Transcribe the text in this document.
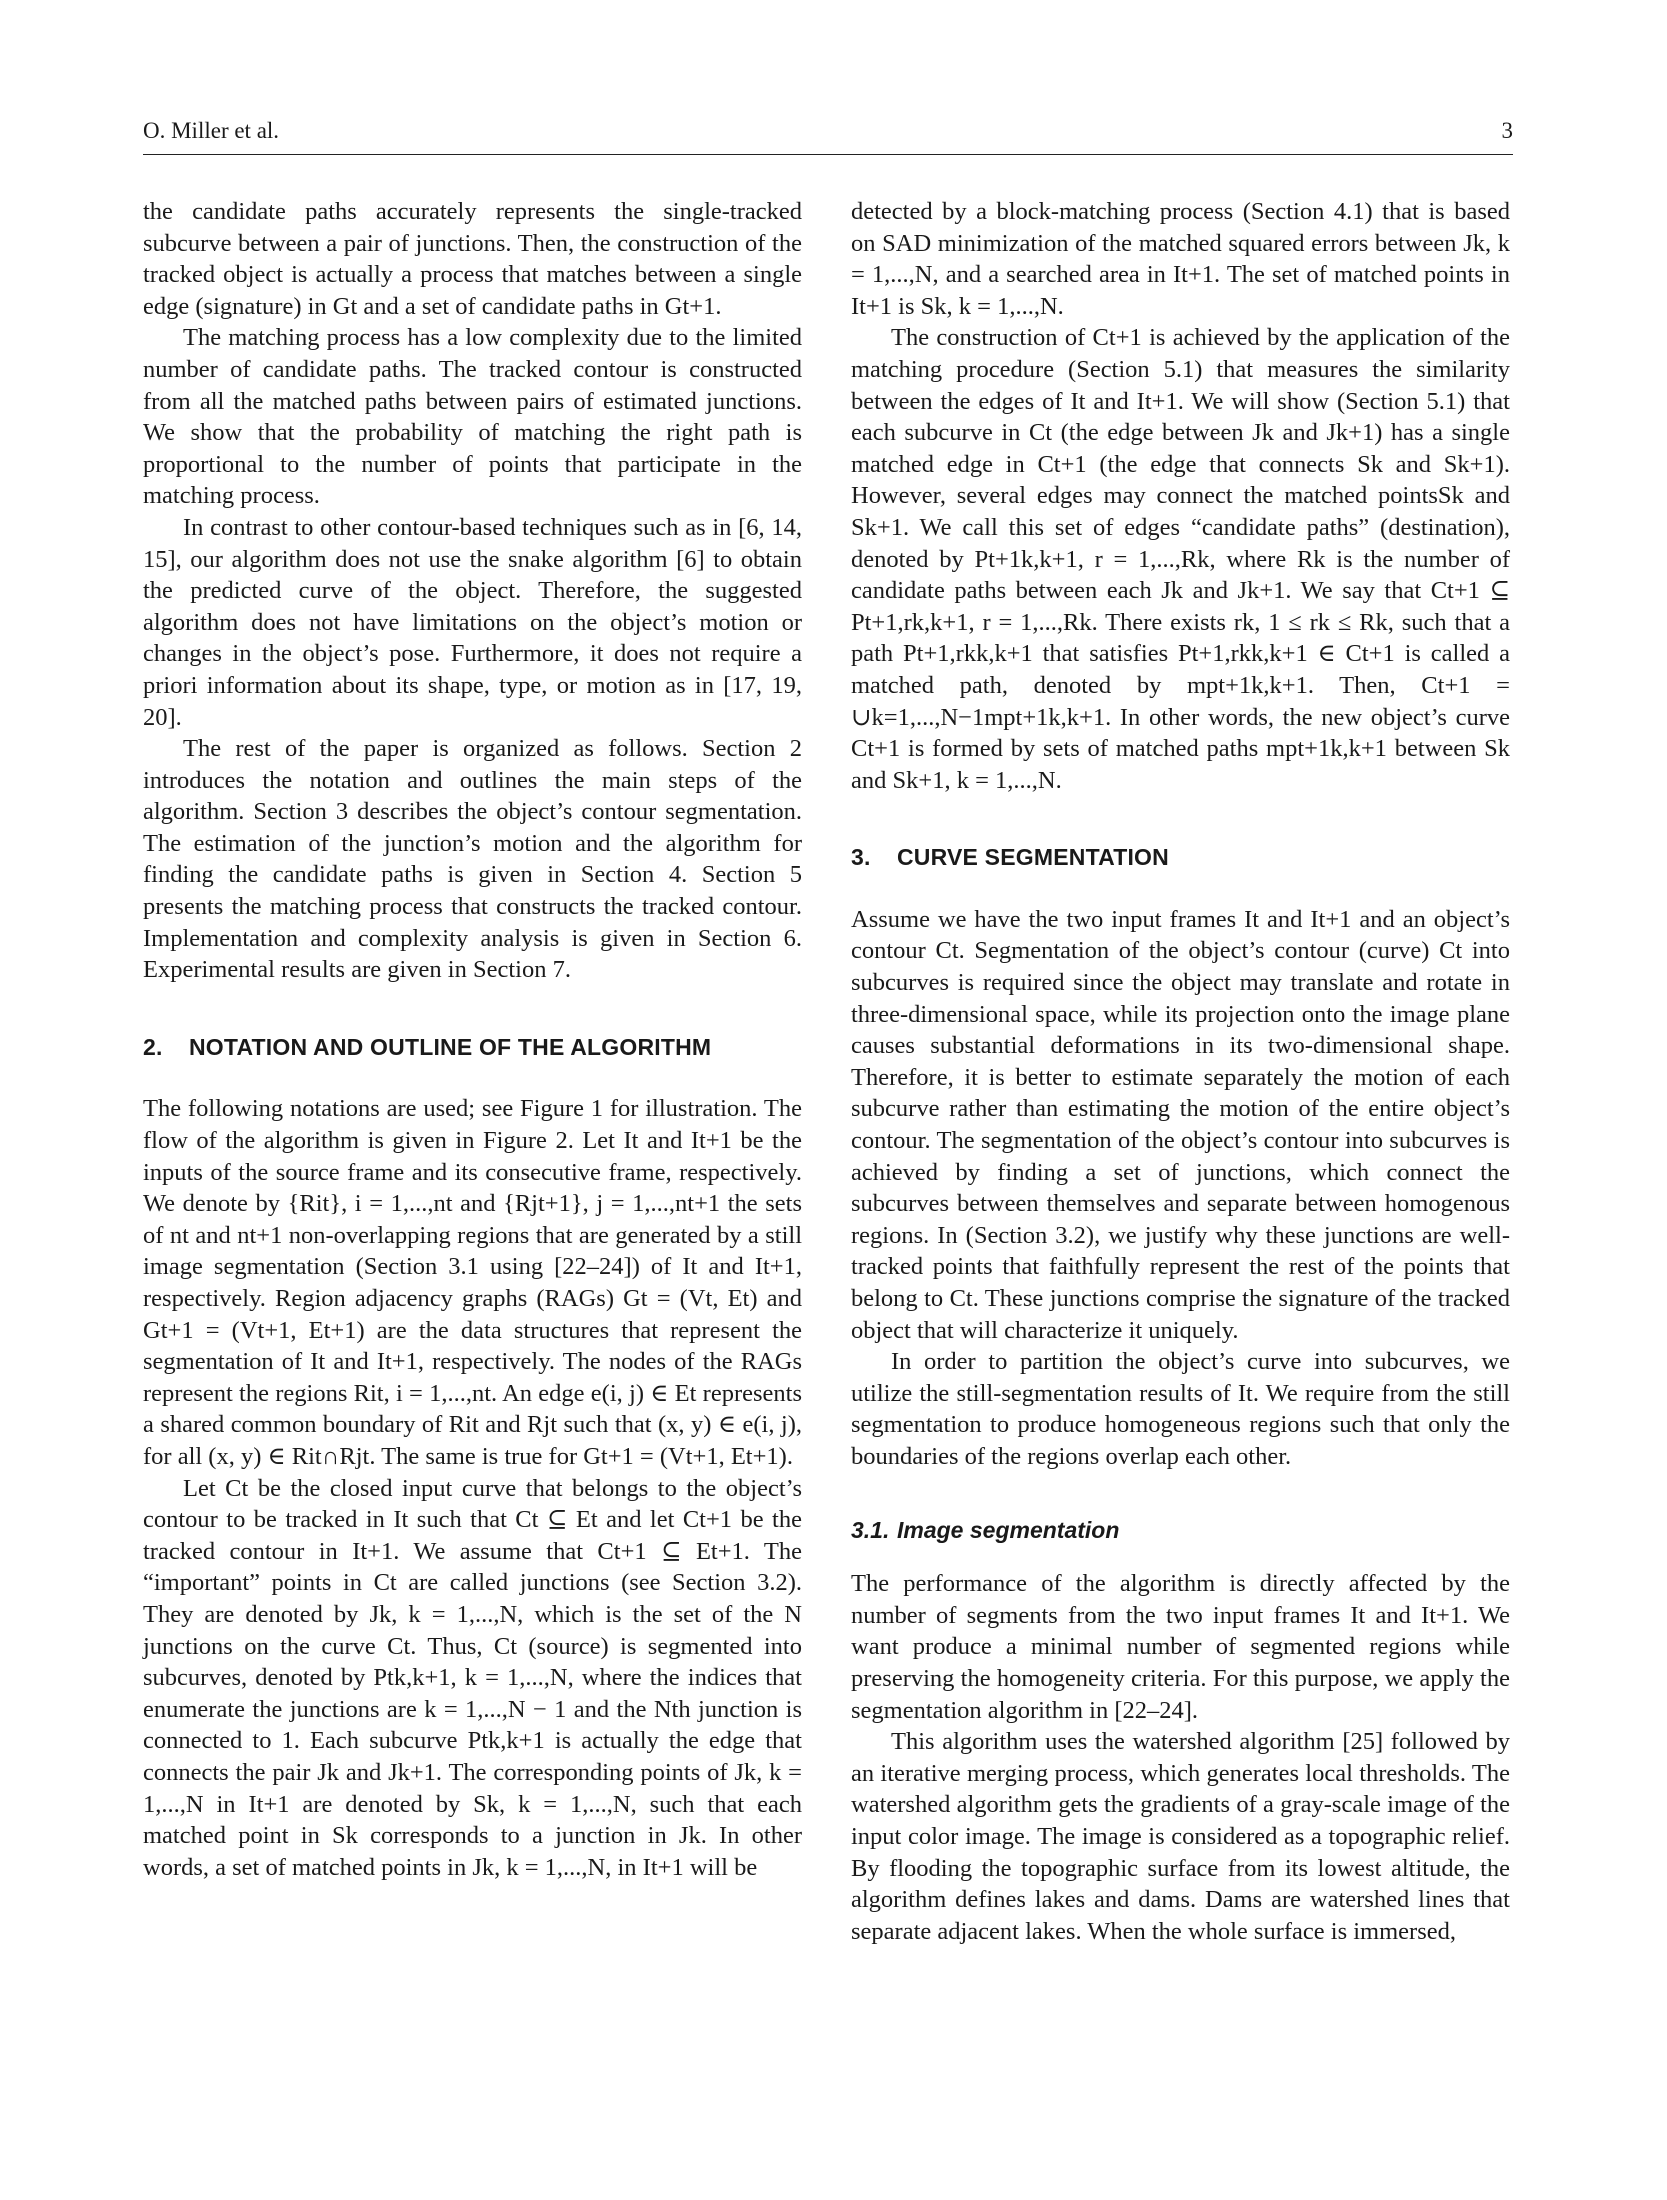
O. Miller et al.	3

the candidate paths accurately represents the single-tracked subcurve between a pair of junctions. Then, the construction of the tracked object is actually a process that matches between a single edge (signature) in Gt and a set of candidate paths in Gt+1.

The matching process has a low complexity due to the limited number of candidate paths. The tracked contour is constructed from all the matched paths between pairs of estimated junctions. We show that the probability of matching the right path is proportional to the number of points that participate in the matching process.

In contrast to other contour-based techniques such as in [6, 14, 15], our algorithm does not use the snake algorithm [6] to obtain the predicted curve of the object. Therefore, the suggested algorithm does not have limitations on the object’s motion or changes in the object’s pose. Furthermore, it does not require a priori information about its shape, type, or motion as in [17, 19, 20].

The rest of the paper is organized as follows. Section 2 introduces the notation and outlines the main steps of the algorithm. Section 3 describes the object’s contour segmentation. The estimation of the junction’s motion and the algorithm for finding the candidate paths is given in Section 4. Section 5 presents the matching process that constructs the tracked contour. Implementation and complexity analysis is given in Section 6. Experimental results are given in Section 7.

2. NOTATION AND OUTLINE OF THE ALGORITHM

The following notations are used; see Figure 1 for illustration. The flow of the algorithm is given in Figure 2. Let It and It+1 be the inputs of the source frame and its consecutive frame, respectively. We denote by {Rit}, i = 1,...,nt and {Rjt+1}, j = 1,...,nt+1 the sets of nt and nt+1 non-overlapping regions that are generated by a still image segmentation (Section 3.1 using [22–24]) of It and It+1, respectively. Region adjacency graphs (RAGs) Gt = (Vt, Et) and Gt+1 = (Vt+1, Et+1) are the data structures that represent the segmentation of It and It+1, respectively. The nodes of the RAGs represent the regions Rit, i = 1,...,nt. An edge e(i, j) ∈ Et represents a shared common boundary of Rit and Rjt such that (x, y) ∈ e(i, j), for all (x, y) ∈ Rit∩Rjt. The same is true for Gt+1 = (Vt+1, Et+1).

Let Ct be the closed input curve that belongs to the object’s contour to be tracked in It such that Ct ⊆ Et and let Ct+1 be the tracked contour in It+1. We assume that Ct+1 ⊆ Et+1. The “important” points in Ct are called junctions (see Section 3.2). They are denoted by Jk, k = 1,...,N, which is the set of the N junctions on the curve Ct. Thus, Ct (source) is segmented into subcurves, denoted by Ptk,k+1, k = 1,...,N, where the indices that enumerate the junctions are k = 1,...,N − 1 and the Nth junction is connected to 1. Each subcurve Ptk,k+1 is actually the edge that connects the pair Jk and Jk+1. The corresponding points of Jk, k = 1,...,N in It+1 are denoted by Sk, k = 1,...,N, such that each matched point in Sk corresponds to a junction in Jk. In other words, a set of matched points in Jk, k = 1,...,N, in It+1 will be

detected by a block-matching process (Section 4.1) that is based on SAD minimization of the matched squared errors between Jk, k = 1,...,N, and a searched area in It+1. The set of matched points in It+1 is Sk, k = 1,...,N.

The construction of Ct+1 is achieved by the application of the matching procedure (Section 5.1) that measures the similarity between the edges of It and It+1. We will show (Section 5.1) that each subcurve in Ct (the edge between Jk and Jk+1) has a single matched edge in Ct+1 (the edge that connects Sk and Sk+1). However, several edges may connect the matched pointsSk and Sk+1. We call this set of edges “candidate paths” (destination), denoted by Pt+1k,k+1, r = 1,...,Rk, where Rk is the number of candidate paths between each Jk and Jk+1. We say that Ct+1 ⊆ Pt+1,rk,k+1, r = 1,...,Rk. There exists rk, 1 ≤ rk ≤ Rk, such that a path Pt+1,rkk,k+1 that satisfies Pt+1,rkk,k+1 ∈ Ct+1 is called a matched path, denoted by mpt+1k,k+1. Then, Ct+1 = ∪k=1,...,N−1mpt+1k,k+1. In other words, the new object’s curve Ct+1 is formed by sets of matched paths mpt+1k,k+1 between Sk and Sk+1, k = 1,...,N.

3. CURVE SEGMENTATION

Assume we have the two input frames It and It+1 and an object’s contour Ct. Segmentation of the object’s contour (curve) Ct into subcurves is required since the object may translate and rotate in three-dimensional space, while its projection onto the image plane causes substantial deformations in its two-dimensional shape. Therefore, it is better to estimate separately the motion of each subcurve rather than estimating the motion of the entire object’s contour. The segmentation of the object’s contour into subcurves is achieved by finding a set of junctions, which connect the subcurves between themselves and separate between homogenous regions. In (Section 3.2), we justify why these junctions are well-tracked points that faithfully represent the rest of the points that belong to Ct. These junctions comprise the signature of the tracked object that will characterize it uniquely.

In order to partition the object’s curve into subcurves, we utilize the still-segmentation results of It. We require from the still segmentation to produce homogeneous regions such that only the boundaries of the regions overlap each other.

3.1. Image segmentation

The performance of the algorithm is directly affected by the number of segments from the two input frames It and It+1. We want produce a minimal number of segmented regions while preserving the homogeneity criteria. For this purpose, we apply the segmentation algorithm in [22–24].

This algorithm uses the watershed algorithm [25] followed by an iterative merging process, which generates local thresholds. The watershed algorithm gets the gradients of a gray-scale image of the input color image. The image is considered as a topographic relief. By flooding the topographic surface from its lowest altitude, the algorithm defines lakes and dams. Dams are watershed lines that separate adjacent lakes. When the whole surface is immersed,
